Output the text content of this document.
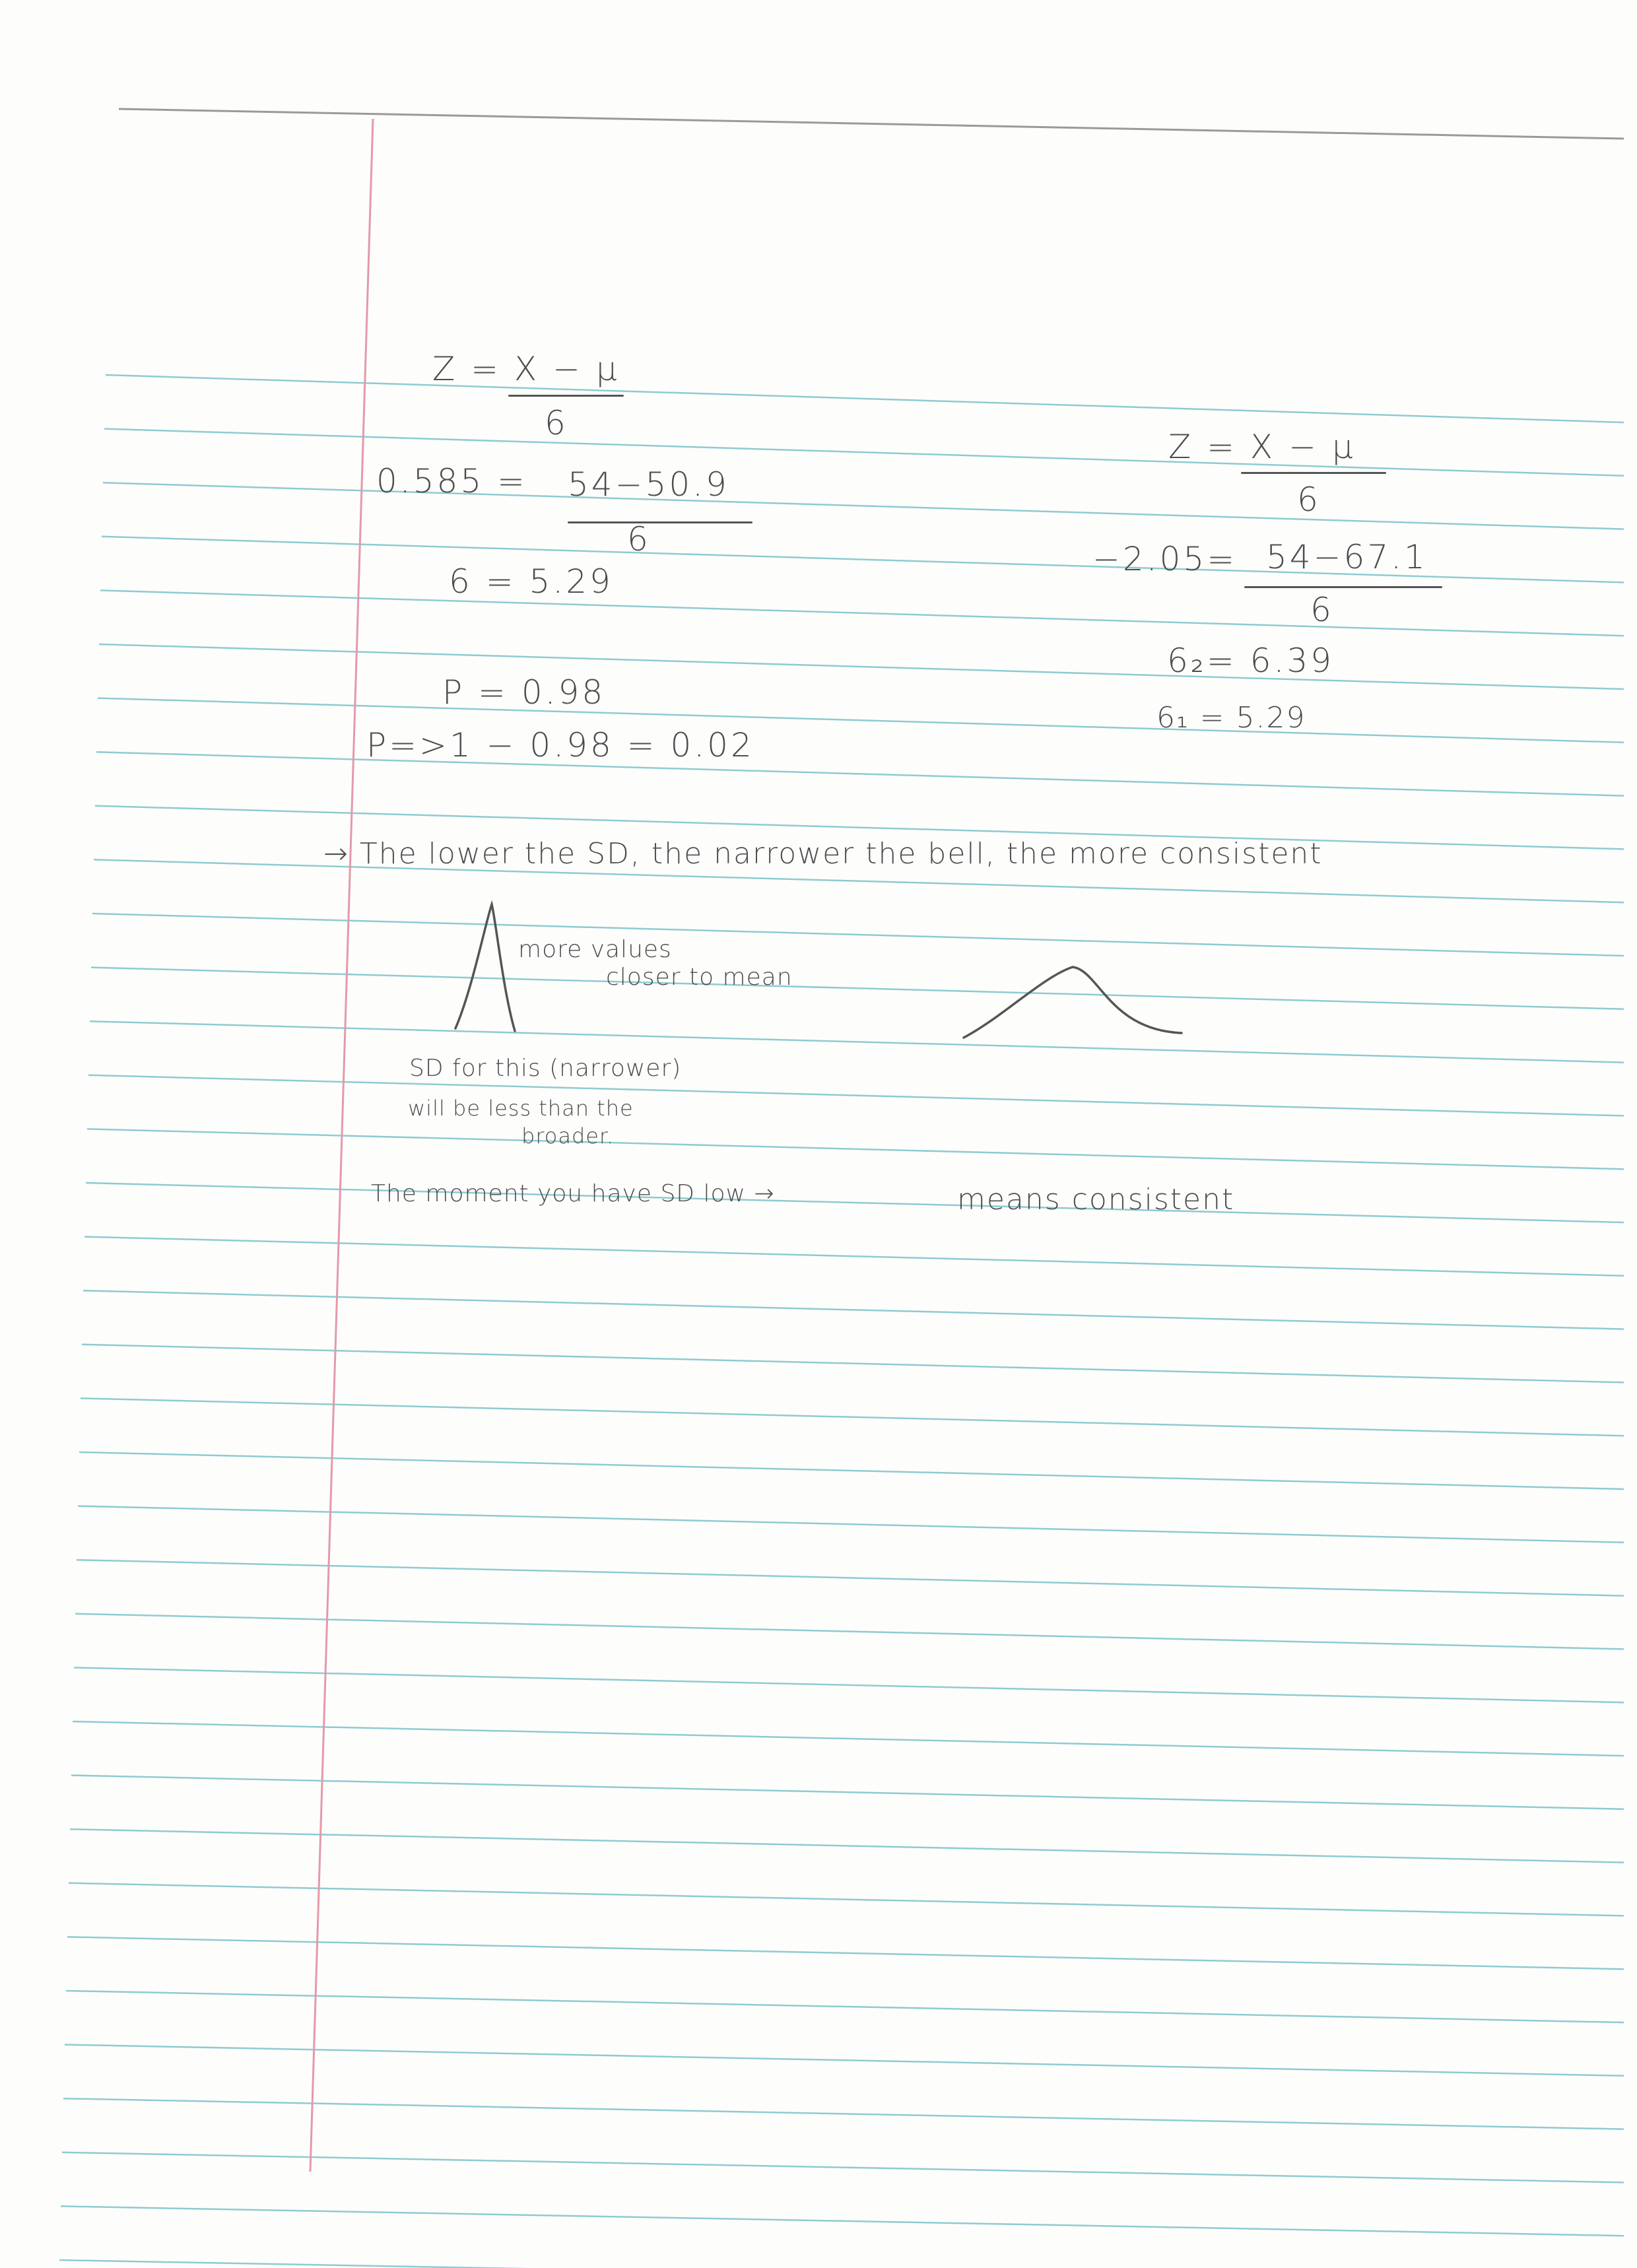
Z = X − μ
6
0.585 = 54−50.9
6
6 = 5.29
P = 0.98
P=>1 − 0.98 = 0.02
Z = X − μ
6
−2.05= 54−67.1
6
6₂= 6.39
6₁ = 5.29
→ The lower the SD, the narrower the bell, the more consistent
more values
closer to mean
SD for this (narrower)
will be less than the
broader.
The moment you have SD low →	means consistent
